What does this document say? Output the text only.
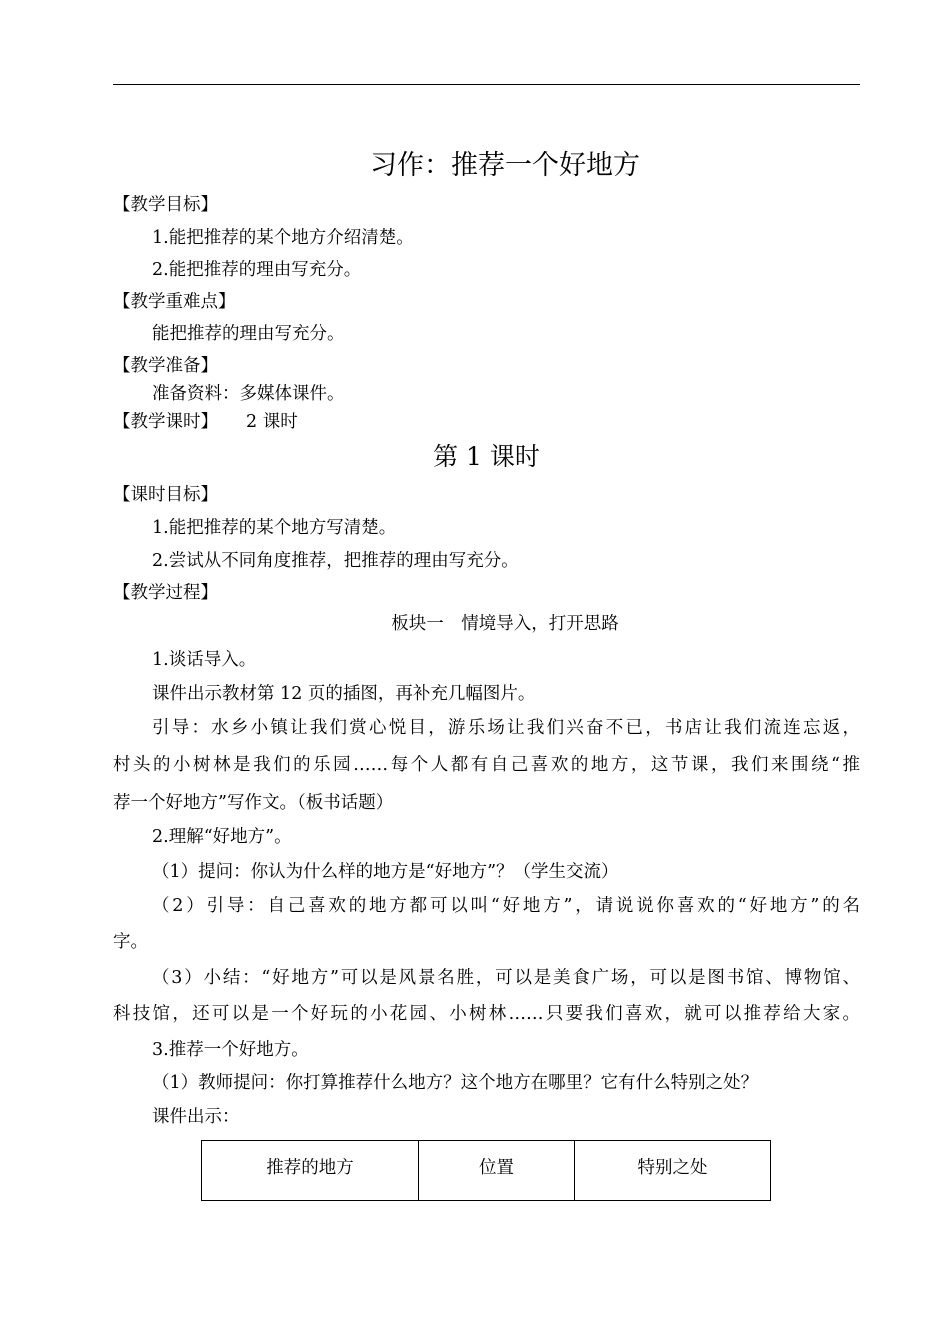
习作：推荐一个好地方
【教学目标】
1.能把推荐的某个地方介绍清楚。
2.能把推荐的理由写充分。
【教学重难点】
能把推荐的理由写充分。
【教学准备】
准备资料：多媒体课件。
【教学课时】 2 课时
第 1 课时
【课时目标】
1.能把推荐的某个地方写清楚。
2.尝试从不同角度推荐，把推荐的理由写充分。
【教学过程】
板块一　情境导入，打开思路
1.谈话导入。
课件出示教材第 12 页的插图，再补充几幅图片。
引导：水乡小镇让我们赏心悦目，游乐场让我们兴奋不已，书店让我们流连忘返，
村头的小树林是我们的乐园……每个人都有自己喜欢的地方，这节课，我们来围绕“推
荐一个好地方”写作文。（板书话题）
2.理解“好地方”。
（1）提问：你认为什么样的地方是“好地方”？（学生交流）
（2）引导：自己喜欢的地方都可以叫“好地方”，请说说你喜欢的“好地方”的名
字。
（3）小结：“好地方”可以是风景名胜，可以是美食广场，可以是图书馆、博物馆、
科技馆，还可以是一个好玩的小花园、小树林……只要我们喜欢，就可以推荐给大家。
3.推荐一个好地方。
（1）教师提问：你打算推荐什么地方？这个地方在哪里？它有什么特别之处？
课件出示：
推荐的地方	位置	特别之处
